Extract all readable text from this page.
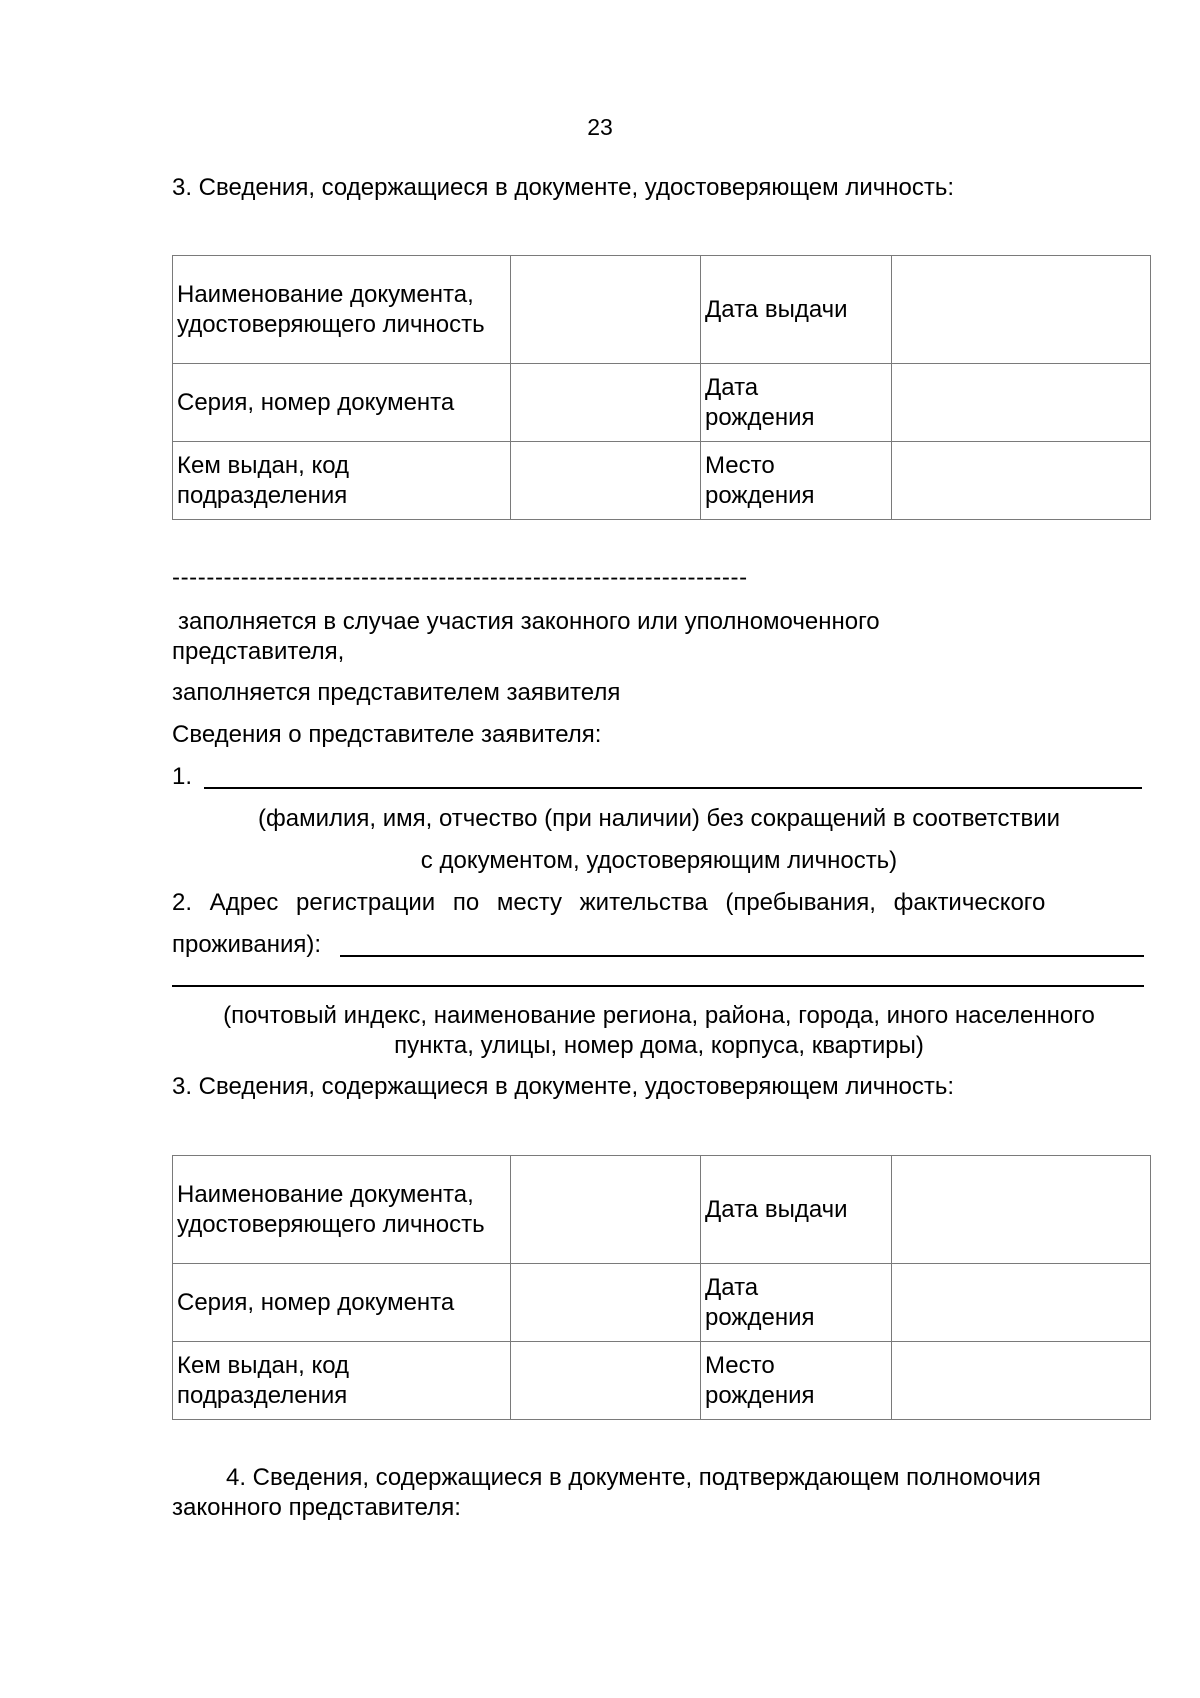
23

3. Сведения, содержащиеся в документе, удостоверяющем личность:

Наименование документа, удостоверяющего личность		Дата выдачи	
Серия, номер документа		Дата рождения	
Кем выдан, код подразделения		Место рождения	

-------------------------------------------------------------------

заполняется в случае участия законного или уполномоченного

представителя,

заполняется представителем заявителя

Сведения о представителе заявителя:

1.

(фамилия, имя, отчество (при наличии) без сокращений в соответствии

с документом, удостоверяющим личность)

2. Адрес регистрации по месту жительства (пребывания, фактического

проживания):

(почтовый индекс, наименование региона, района, города, иного населенного

пункта, улицы, номер дома, корпуса, квартиры)

3. Сведения, содержащиеся в документе, удостоверяющем личность:

Наименование документа, удостоверяющего личность		Дата выдачи	
Серия, номер документа		Дата рождения	
Кем выдан, код подразделения		Место рождения	

4. Сведения, содержащиеся в документе, подтверждающем полномочия

законного представителя:
